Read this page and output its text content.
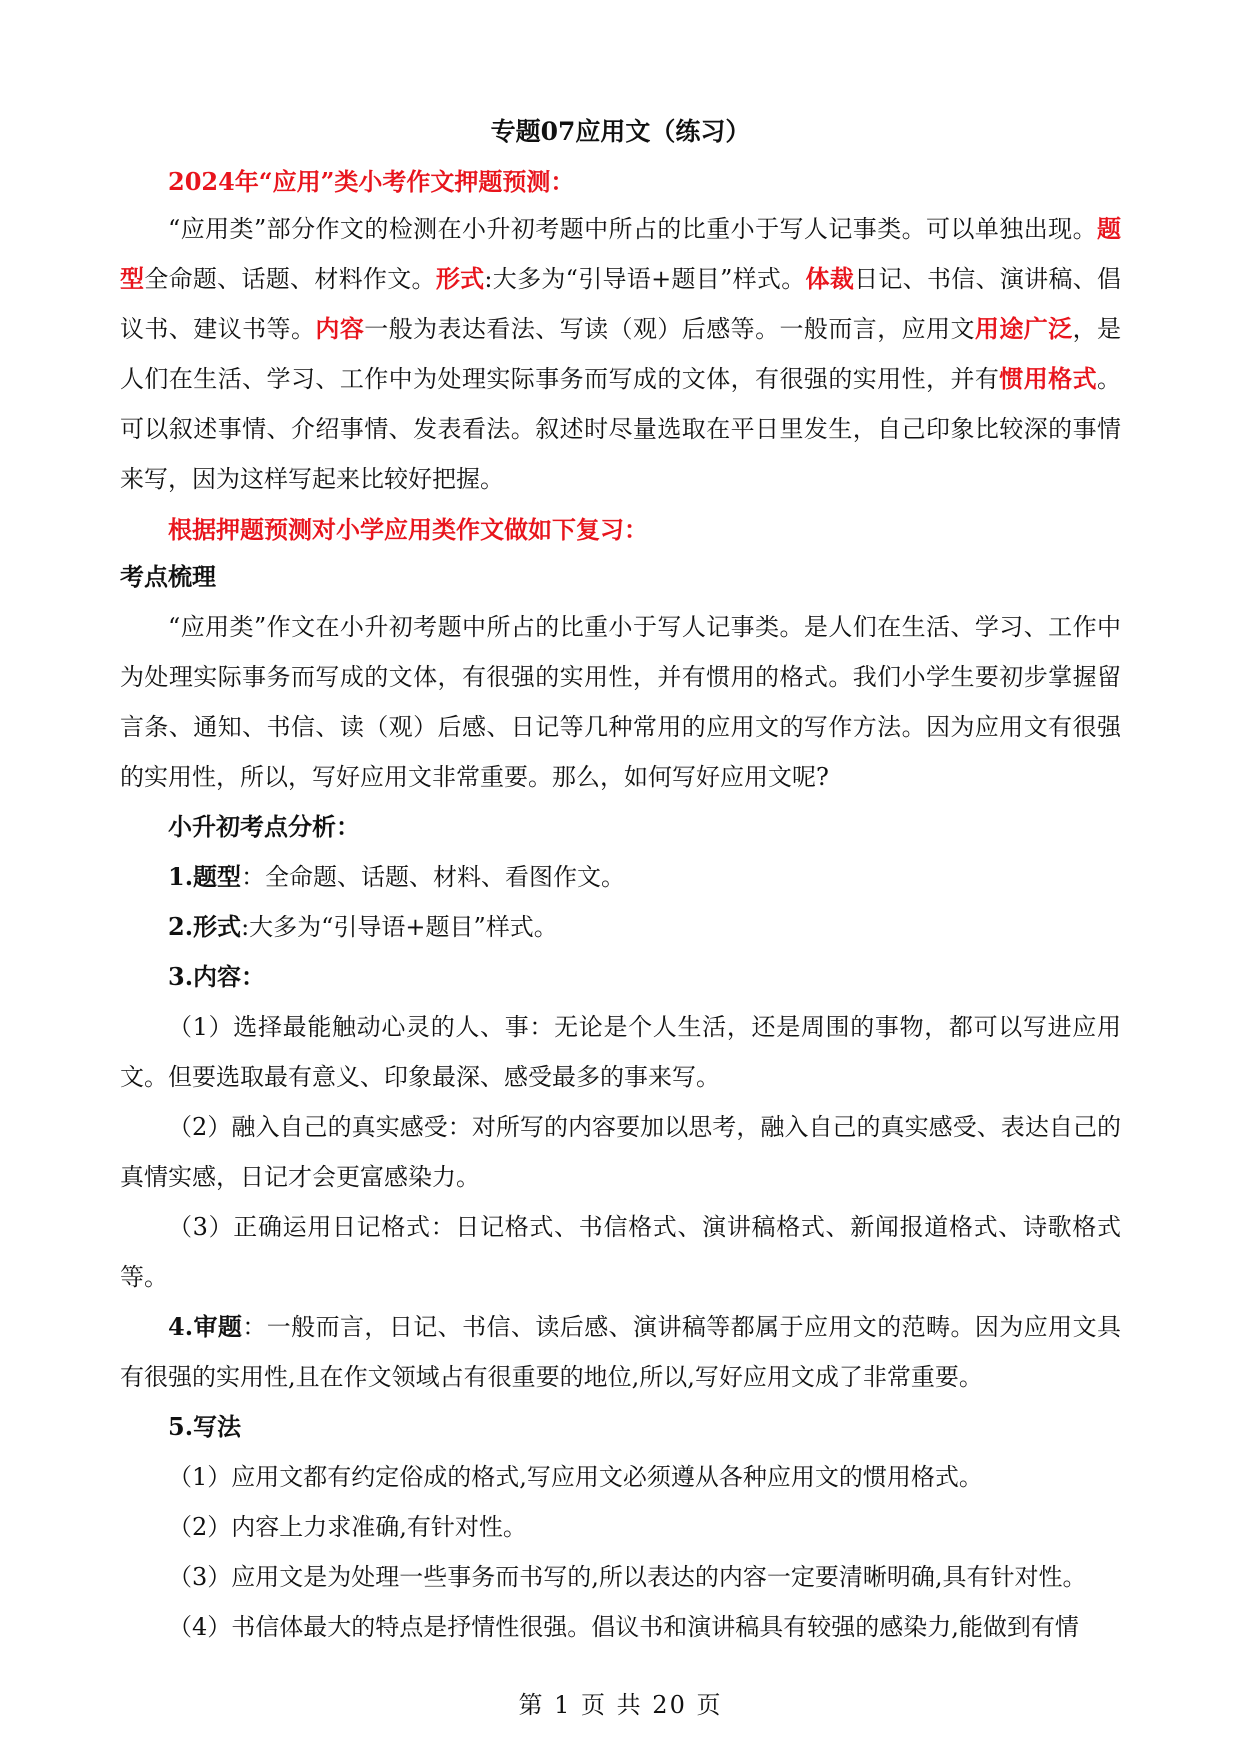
专题07应用文（练习）

2024年“应用”类小考作文押题预测：

“应用类”部分作文的检测在小升初考题中所占的比重小于写人记事类。可以单独出现。题型全命题、话题、材料作文。形式:大多为“引导语+题目”样式。体裁日记、书信、演讲稿、倡议书、建议书等。内容一般为表达看法、写读（观）后感等。一般而言，应用文用途广泛，是人们在生活、学习、工作中为处理实际事务而写成的文体，有很强的实用性，并有惯用格式。可以叙述事情、介绍事情、发表看法。叙述时尽量选取在平日里发生，自己印象比较深的事情来写，因为这样写起来比较好把握。

根据押题预测对小学应用类作文做如下复习：

考点梳理

“应用类”作文在小升初考题中所占的比重小于写人记事类。是人们在生活、学习、工作中为处理实际事务而写成的文体，有很强的实用性，并有惯用的格式。我们小学生要初步掌握留言条、通知、书信、读（观）后感、日记等几种常用的应用文的写作方法。因为应用文有很强的实用性，所以，写好应用文非常重要。那么，如何写好应用文呢?

小升初考点分析：

1.题型：全命题、话题、材料、看图作文。

2.形式:大多为“引导语+题目”样式。

3.内容：

（1）选择最能触动心灵的人、事：无论是个人生活，还是周围的事物，都可以写进应用文。但要选取最有意义、印象最深、感受最多的事来写。

（2）融入自己的真实感受：对所写的内容要加以思考，融入自己的真实感受、表达自己的真情实感，日记才会更富感染力。

（3）正确运用日记格式：日记格式、书信格式、演讲稿格式、新闻报道格式、诗歌格式等。

4.审题：一般而言，日记、书信、读后感、演讲稿等都属于应用文的范畴。因为应用文具有很强的实用性,且在作文领域占有很重要的地位,所以,写好应用文成了非常重要。

5.写法

（1）应用文都有约定俗成的格式,写应用文必须遵从各种应用文的惯用格式。

（2）内容上力求准确,有针对性。

（3）应用文是为处理一些事务而书写的,所以表达的内容一定要清晰明确,具有针对性。

（4）书信体最大的特点是抒情性很强。倡议书和演讲稿具有较强的感染力,能做到有情

第 1 页 共 20 页
